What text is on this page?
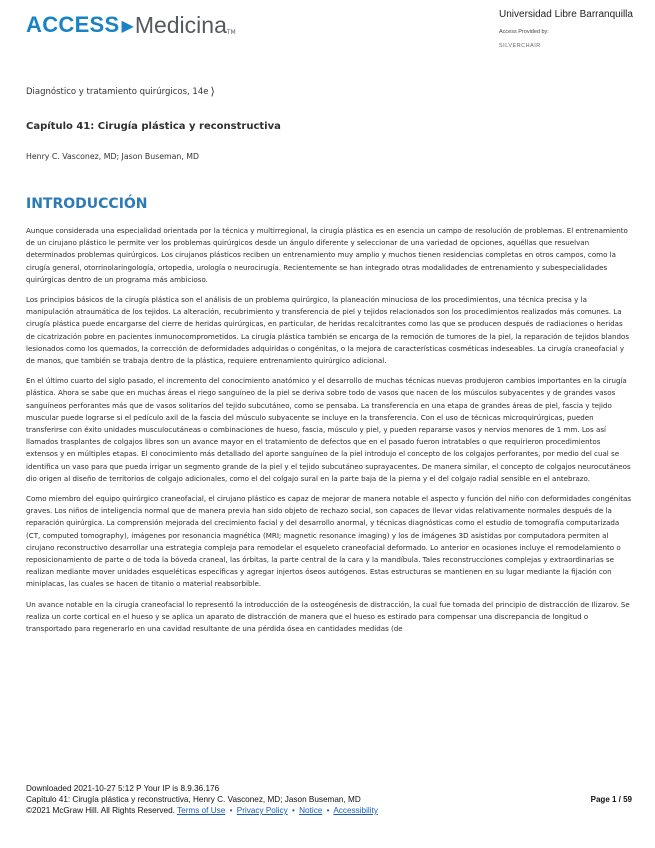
ACCESS ▶ Medicina TM
Universidad Libre Barranquilla
Access Provided by:
SILVERCHAIR
Diagnóstico y tratamiento quirúrgicos, 14e ⟩
Capítulo 41: Cirugía plástica y reconstructiva
Henry C. Vasconez, MD; Jason Buseman, MD
INTRODUCCIÓN

Aunque considerada una especialidad orientada por la técnica y multirregional, la cirugía plástica es en esencia un campo de resolución de problemas. El entrenamiento de un cirujano plástico le permite ver los problemas quirúrgicos desde un ángulo diferente y seleccionar de una variedad de opciones, aquéllas que resuelvan determinados problemas quirúrgicos. Los cirujanos plásticos reciben un entrenamiento muy amplio y muchos tienen residencias completas en otros campos, como la cirugía general, otorrinolaringología, ortopedia, urología o neurocirugía. Recientemente se han integrado otras modalidades de entrenamiento y subespecialidades quirúrgicas dentro de un programa más ambicioso.

Los principios básicos de la cirugía plástica son el análisis de un problema quirúrgico, la planeación minuciosa de los procedimientos, una técnica precisa y la manipulación atraumática de los tejidos. La alteración, recubrimiento y transferencia de piel y tejidos relacionados son los procedimientos realizados más comunes. La cirugía plástica puede encargarse del cierre de heridas quirúrgicas, en particular, de heridas recalcitrantes como las que se producen después de radiaciones o heridas de cicatrización pobre en pacientes inmunocomprometidos. La cirugía plástica también se encarga de la remoción de tumores de la piel, la reparación de tejidos blandos lesionados como los quemados, la corrección de deformidades adquiridas o congénitas, o la mejora de características cosméticas indeseables. La cirugía craneofacial y de manos, que también se trabaja dentro de la plástica, requiere entrenamiento quirúrgico adicional.

En el último cuarto del siglo pasado, el incremento del conocimiento anatómico y el desarrollo de muchas técnicas nuevas produjeron cambios importantes en la cirugía plástica. Ahora se sabe que en muchas áreas el riego sanguíneo de la piel se deriva sobre todo de vasos que nacen de los músculos subyacentes y de grandes vasos sanguíneos perforantes más que de vasos solitarios del tejido subcutáneo, como se pensaba. La transferencia en una etapa de grandes áreas de piel, fascia y tejido muscular puede lograrse si el pedículo axil de la fascia del músculo subyacente se incluye en la transferencia. Con el uso de técnicas microquirúrgicas, pueden transferirse con éxito unidades musculocutáneas o combinaciones de hueso, fascia, músculo y piel, y pueden repararse vasos y nervios menores de 1 mm. Los así llamados trasplantes de colgajos libres son un avance mayor en el tratamiento de defectos que en el pasado fueron intratables o que requirieron procedimientos extensos y en múltiples etapas. El conocimiento más detallado del aporte sanguíneo de la piel introdujo el concepto de los colgajos perforantes, por medio del cual se identifica un vaso para que pueda irrigar un segmento grande de la piel y el tejido subcutáneo suprayacentes. De manera similar, el concepto de colgajos neurocutáneos dio origen al diseño de territorios de colgajo adicionales, como el del colgajo sural en la parte baja de la pierna y el del colgajo radial sensible en el antebrazo.

Como miembro del equipo quirúrgico craneofacial, el cirujano plástico es capaz de mejorar de manera notable el aspecto y función del niño con deformidades congénitas graves. Los niños de inteligencia normal que de manera previa han sido objeto de rechazo social, son capaces de llevar vidas relativamente normales después de la reparación quirúrgica. La comprensión mejorada del crecimiento facial y del desarrollo anormal, y técnicas diagnósticas como el estudio de tomografía computarizada (CT, computed tomography), imágenes por resonancia magnética (MRI; magnetic resonance imaging) y los de imágenes 3D asistidas por computadora permiten al cirujano reconstructivo desarrollar una estrategia compleja para remodelar el esqueleto craneofacial deformado. Lo anterior en ocasiones incluye el remodelamiento o reposicionamiento de parte o de toda la bóveda craneal, las órbitas, la parte central de la cara y la mandíbula. Tales reconstrucciones complejas y extraordinarias se realizan mediante mover unidades esqueléticas específicas y agregar injertos óseos autógenos. Estas estructuras se mantienen en su lugar mediante la fijación con miniplacas, las cuales se hacen de titanio o material reabsorbible.

Un avance notable en la cirugía craneofacial lo representó la introducción de la osteogénesis de distracción, la cual fue tomada del principio de distracción de Ilizarov. Se realiza un corte cortical en el hueso y se aplica un aparato de distracción de manera que el hueso es estirado para compensar una discrepancia de longitud o transportado para regenerarlo en una cavidad resultante de una pérdida ósea en cantidades medidas (de

Downloaded 2021-10-27 5:12 P Your IP is 8.9.36.176
Capítulo 41: Cirugía plástica y reconstructiva, Henry C. Vasconez, MD; Jason Buseman, MD
©2021 McGraw Hill. All Rights Reserved. Terms of Use • Privacy Policy • Notice • Accessibility
Page 1 / 59
